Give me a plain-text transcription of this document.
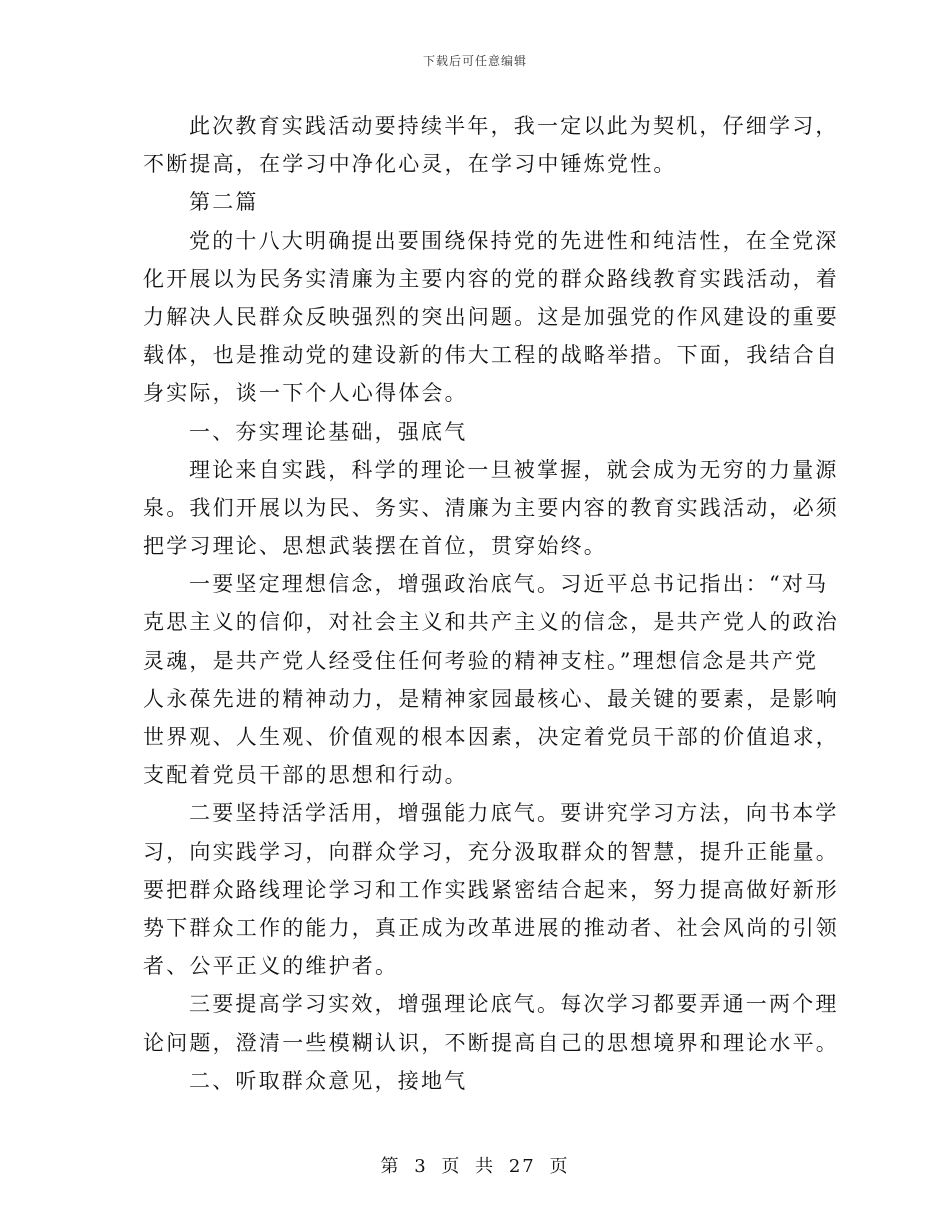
下载后可任意编辑
此次教育实践活动要持续半年，我一定以此为契机，仔细学习，
不断提高，在学习中净化心灵，在学习中锤炼党性。
第二篇
党的十八大明确提出要围绕保持党的先进性和纯洁性，在全党深
化开展以为民务实清廉为主要内容的党的群众路线教育实践活动，着
力解决人民群众反映强烈的突出问题。这是加强党的作风建设的重要
载体，也是推动党的建设新的伟大工程的战略举措。下面，我结合自
身实际，谈一下个人心得体会。
一、夯实理论基础，强底气
理论来自实践，科学的理论一旦被掌握，就会成为无穷的力量源
泉。我们开展以为民、务实、清廉为主要内容的教育实践活动，必须
把学习理论、思想武装摆在首位，贯穿始终。
一要坚定理想信念，增强政治底气。习近平总书记指出：“对马
克思主义的信仰，对社会主义和共产主义的信念，是共产党人的政治
灵魂，是共产党人经受住任何考验的精神支柱。”理想信念是共产党
人永葆先进的精神动力，是精神家园最核心、最关键的要素，是影响
世界观、人生观、价值观的根本因素，决定着党员干部的价值追求，
支配着党员干部的思想和行动。
二要坚持活学活用，增强能力底气。要讲究学习方法，向书本学
习，向实践学习，向群众学习，充分汲取群众的智慧，提升正能量。
要把群众路线理论学习和工作实践紧密结合起来，努力提高做好新形
势下群众工作的能力，真正成为改革进展的推动者、社会风尚的引领
者、公平正义的维护者。
三要提高学习实效，增强理论底气。每次学习都要弄通一两个理
论问题，澄清一些模糊认识，不断提高自己的思想境界和理论水平。
二、听取群众意见，接地气
第 3 页 共 27 页
